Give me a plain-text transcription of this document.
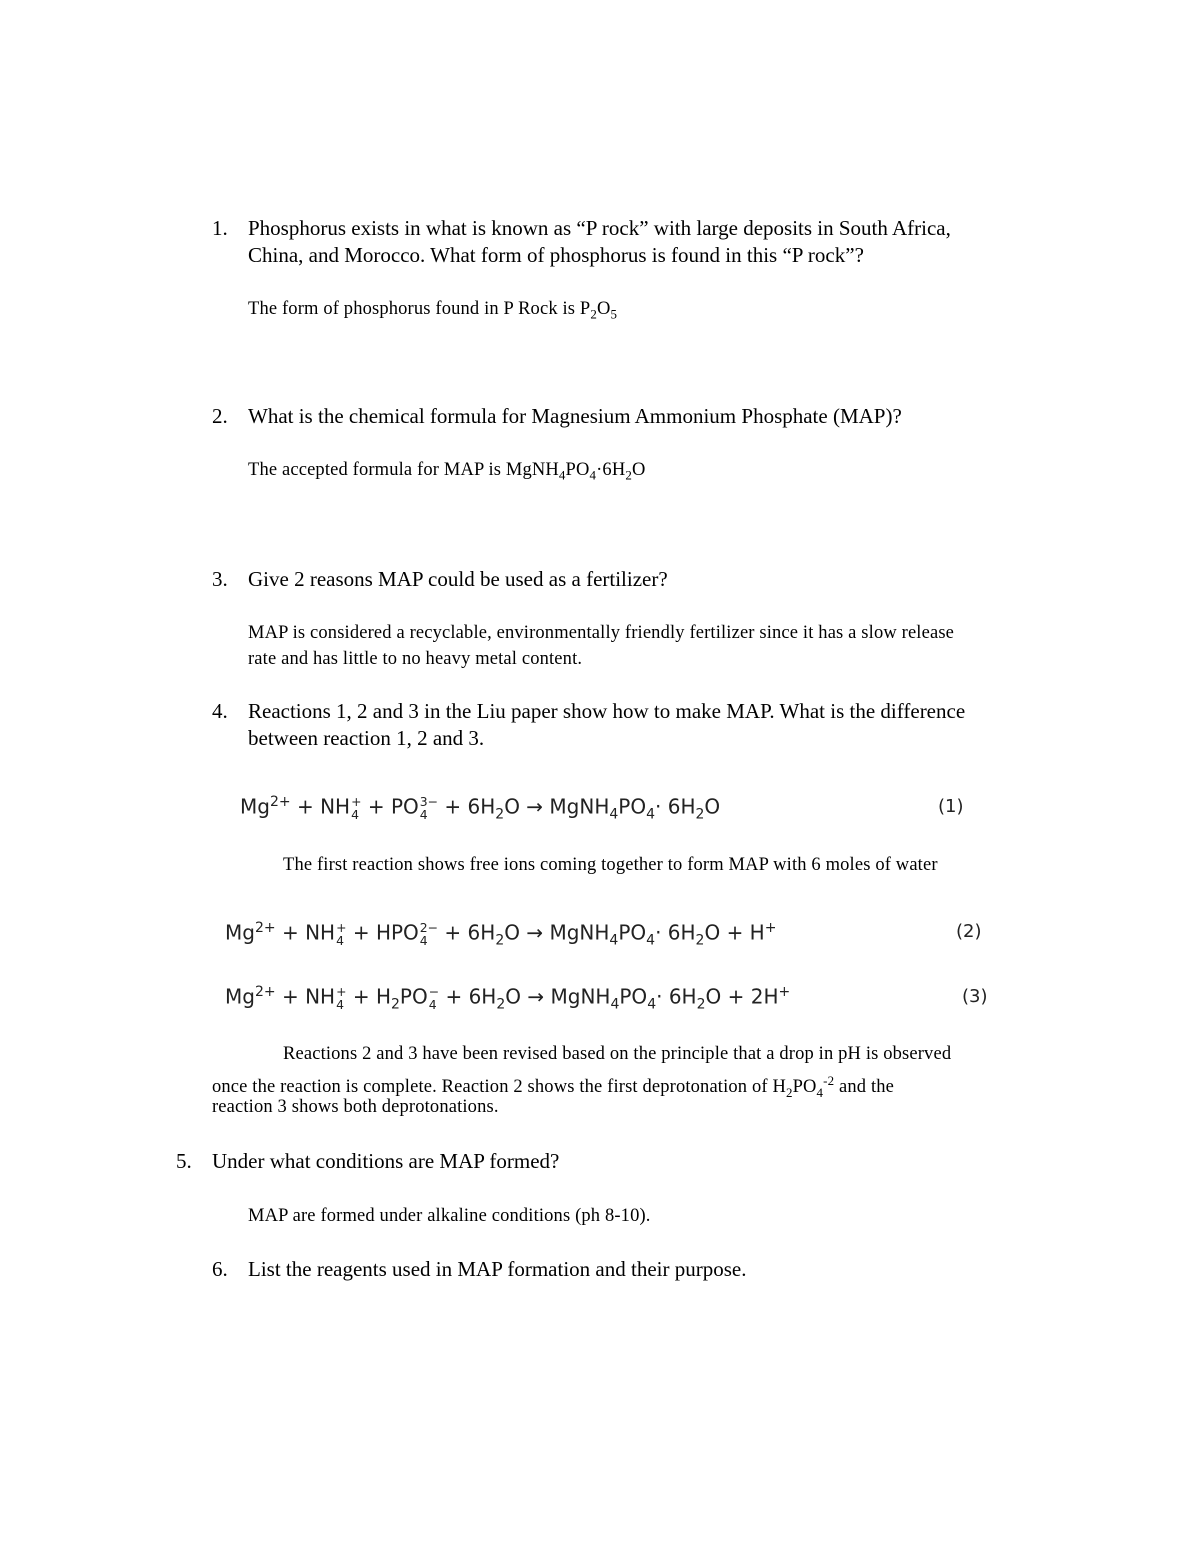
1. Phosphorus exists in what is known as “P rock” with large deposits in South Africa,
China, and Morocco. What form of phosphorus is found in this “P rock”?
The form of phosphorus found in P Rock is $P_2O_5$
2. What is the chemical formula for Magnesium Ammonium Phosphate (MAP)?
The accepted formula for MAP is $MgNH_4PO_4\cdot 6H_2O$
3. Give 2 reasons MAP could be used as a fertilizer?
MAP is considered a recyclable, environmentally friendly fertilizer since it has a slow release
rate and has little to no heavy metal content.
4. Reactions 1, 2 and 3 in the Liu paper show how to make MAP. What is the difference
between reaction 1, 2 and 3.
$Mg^{2+}$ + NH +
4 + PO 3−
$4 + 6H_2O$ → $MgNH_4PO_4\cdot 6H_2O$	(1)
The first reaction shows free ions coming together to form MAP with 6 moles of water
$Mg^{2+}$ + NH +
4 + HPO 2−
$4 + 6H_2O$ → $MgNH_4PO_4\cdot 6H_2O + H^+$	(2)
$Mg^{2+}$ + NH +
$4 + H_2PO$ −
$4 + 6H_2O$ → $MgNH_4PO_4\cdot 6H_2O + 2H^+$	(3)
Reactions 2 and 3 have been revised based on the principle that a drop in pH is observed
once the reaction is complete. Reaction 2 shows the first deprotonation of $H_2PO_4^{-2}$ and the
reaction 3 shows both deprotonations.
5. Under what conditions are MAP formed?
MAP are formed under alkaline conditions (ph 8-10).
6. List the reagents used in MAP formation and their purpose.
